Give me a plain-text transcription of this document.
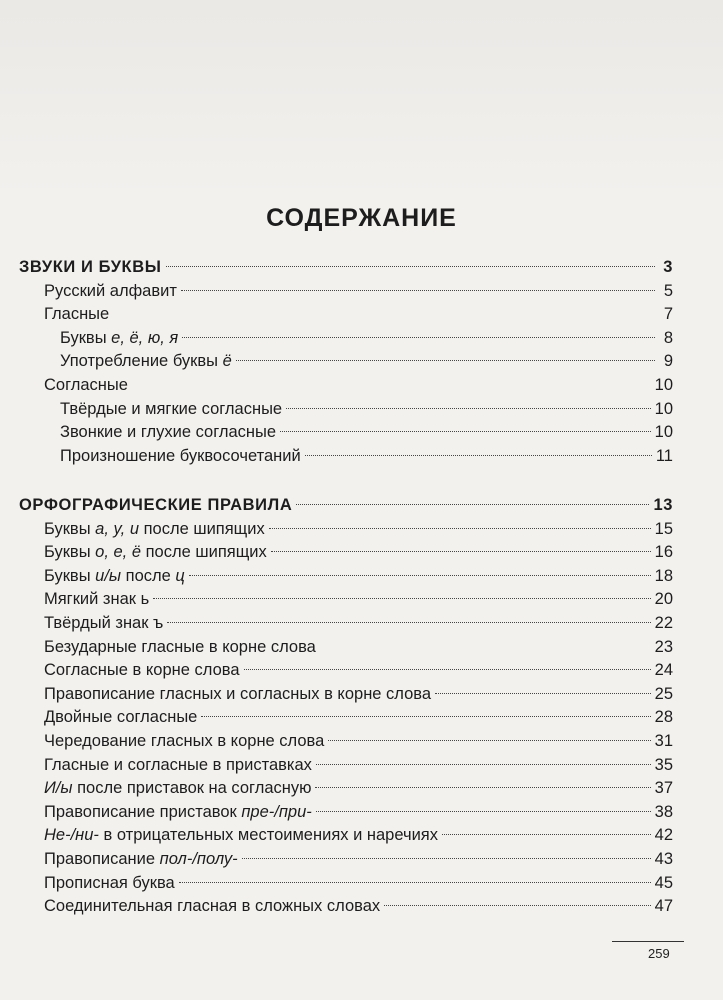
СОДЕРЖАНИЕ
ЗВУКИ И БУКВЫ	3
Русский алфавит	5
Гласные	7
Буквы е, ё, ю, я	8
Употребление буквы ё	9
Согласные	10
Твёрдые и мягкие согласные	10
Звонкие и глухие согласные	10
Произношение буквосочетаний	11
ОРФОГРАФИЧЕСКИЕ ПРАВИЛА	13
Буквы а, у, и после шипящих	15
Буквы о, е, ё после шипящих	16
Буквы и/ы после ц	18
Мягкий знак ь	20
Твёрдый знак ъ	22
Безударные гласные в корне слова	23
Согласные в корне слова	24
Правописание гласных и согласных в корне слова	25
Двойные согласные	28
Чередование гласных в корне слова	31
Гласные и согласные в приставках	35
И/ы после приставок на согласную	37
Правописание приставок пре-/при-	38
Не-/ни- в отрицательных местоимениях и наречиях	42
Правописание пол-/полу-	43
Прописная буква	45
Соединительная гласная в сложных словах	47
259
